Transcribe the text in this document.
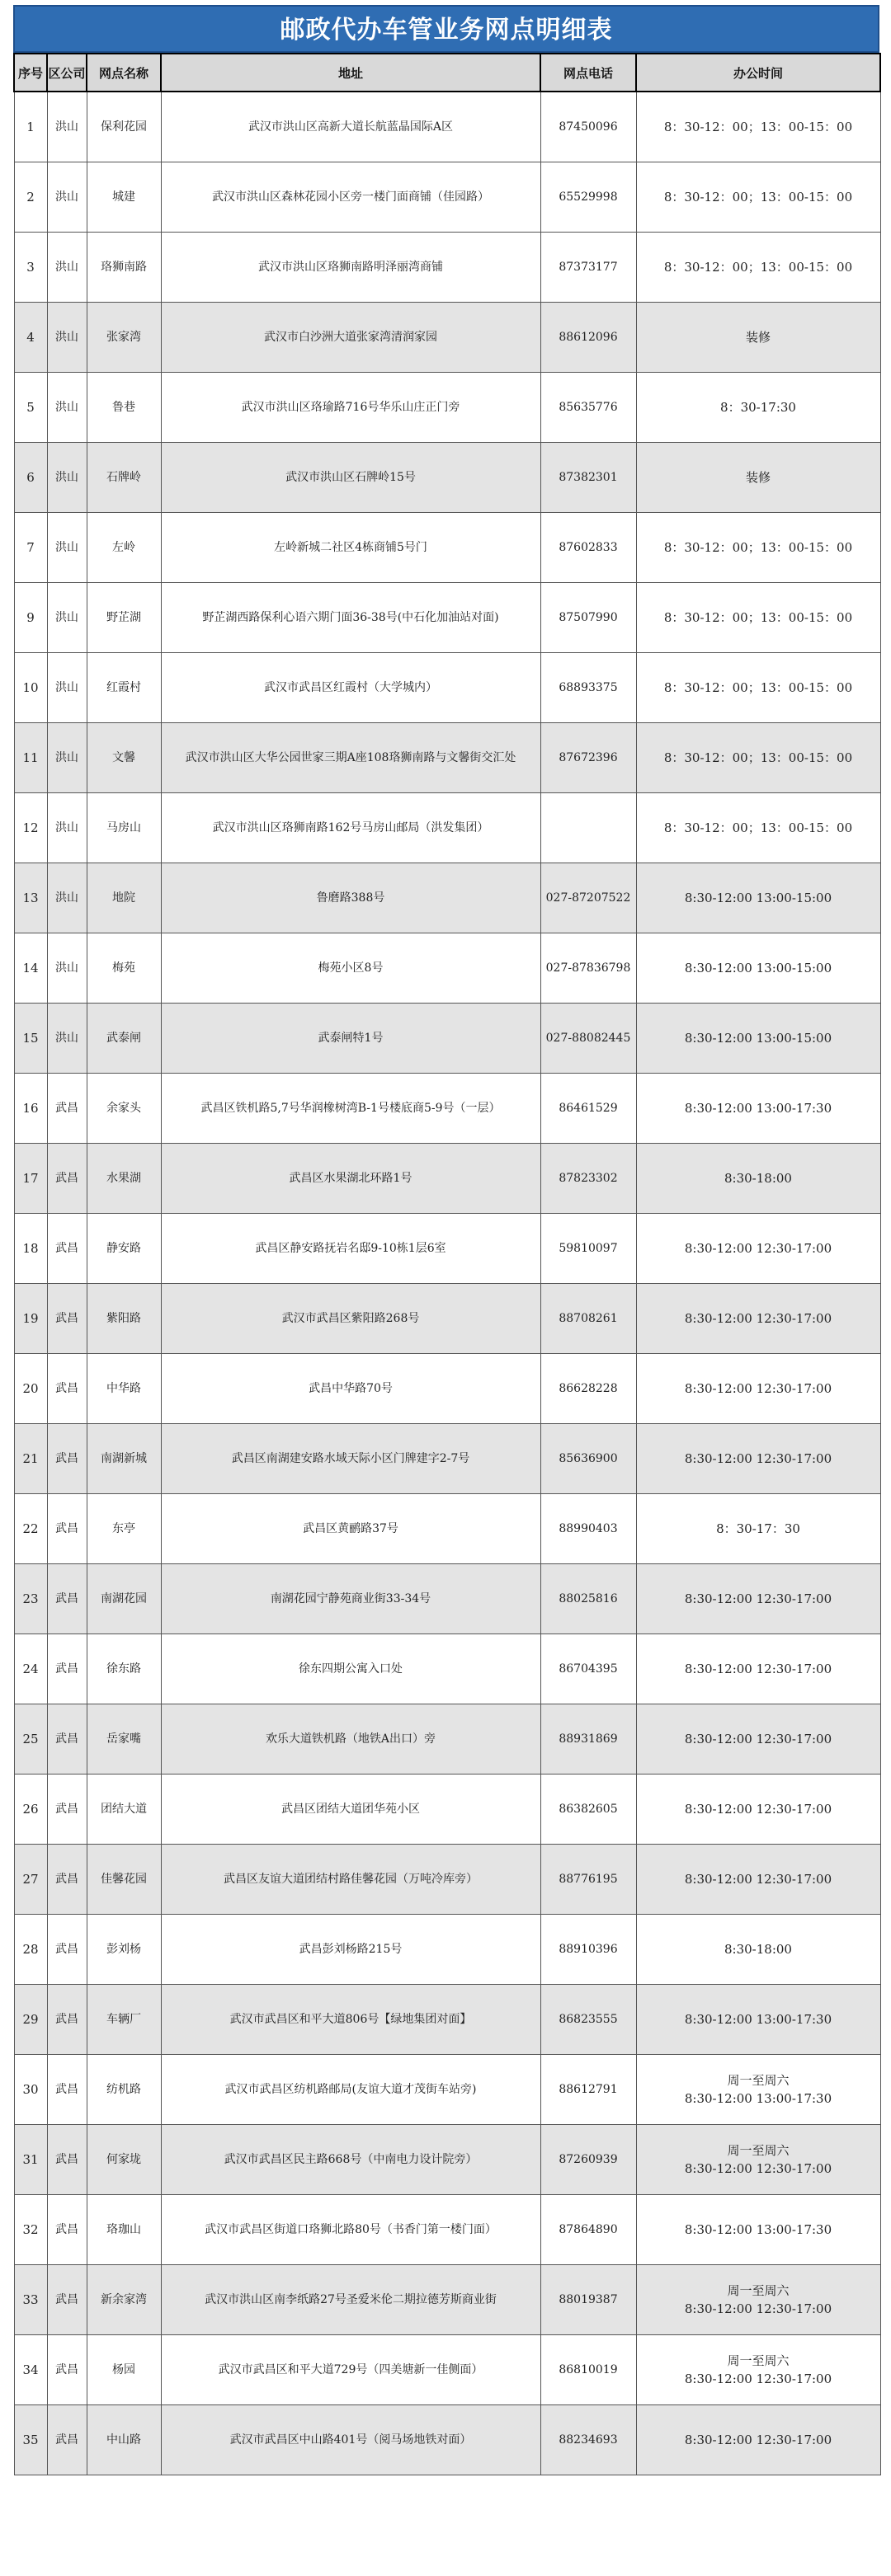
邮政代办车管业务网点明细表
序号	区公司	网点名称	地址	网点电话	办公时间
1	洪山	保利花园	武汉市洪山区高新大道长航蓝晶国际A区	87450096	8：30-12：00；13：00-15：00
2	洪山	城建	武汉市洪山区森林花园小区旁一楼门面商铺（佳园路）	65529998	8：30-12：00；13：00-15：00
3	洪山	珞狮南路	武汉市洪山区珞狮南路明泽丽湾商铺	87373177	8：30-12：00；13：00-15：00
4	洪山	张家湾	武汉市白沙洲大道张家湾清润家园	88612096	装修
5	洪山	鲁巷	武汉市洪山区珞瑜路716号华乐山庄正门旁	85635776	8：30-17:30
6	洪山	石牌岭	武汉市洪山区石牌岭15号	87382301	装修
7	洪山	左岭	左岭新城二社区4栋商铺5号门	87602833	8：30-12：00；13：00-15：00
9	洪山	野芷湖	野芷湖西路保利心语六期门面36-38号(中石化加油站对面)	87507990	8：30-12：00；13：00-15：00
10	洪山	红霞村	武汉市武昌区红霞村（大学城内）	68893375	8：30-12：00；13：00-15：00
11	洪山	文馨	武汉市洪山区大华公园世家三期A座108珞狮南路与文馨街交汇处	87672396	8：30-12：00；13：00-15：00
12	洪山	马房山	武汉市洪山区珞狮南路162号马房山邮局（洪发集团）		8：30-12：00；13：00-15：00
13	洪山	地院	鲁磨路388号	027-87207522	8:30-12:00 13:00-15:00
14	洪山	梅苑	梅苑小区8号	027-87836798	8:30-12:00 13:00-15:00
15	洪山	武泰闸	武泰闸特1号	027-88082445	8:30-12:00 13:00-15:00
16	武昌	余家头	武昌区铁机路5,7号华润橡树湾B-1号楼底商5-9号（一层）	86461529	8:30-12:00 13:00-17:30
17	武昌	水果湖	武昌区水果湖北环路1号	87823302	8:30-18:00
18	武昌	静安路	武昌区静安路抚岩名邸9-10栋1层6室	59810097	8:30-12:00 12:30-17:00
19	武昌	紫阳路	武汉市武昌区紫阳路268号	88708261	8:30-12:00 12:30-17:00
20	武昌	中华路	武昌中华路70号	86628228	8:30-12:00 12:30-17:00
21	武昌	南湖新城	武昌区南湖建安路水域天际小区门牌建字2-7号	85636900	8:30-12:00 12:30-17:00
22	武昌	东亭	武昌区黄鹂路37号	88990403	8：30-17：30
23	武昌	南湖花园	南湖花园宁静苑商业街33-34号	88025816	8:30-12:00 12:30-17:00
24	武昌	徐东路	徐东四期公寓入口处	86704395	8:30-12:00 12:30-17:00
25	武昌	岳家嘴	欢乐大道铁机路（地铁A出口）旁	88931869	8:30-12:00 12:30-17:00
26	武昌	团结大道	武昌区团结大道团华苑小区	86382605	8:30-12:00 12:30-17:00
27	武昌	佳馨花园	武昌区友谊大道团结村路佳馨花园（万吨冷库旁）	88776195	8:30-12:00 12:30-17:00
28	武昌	彭刘杨	武昌彭刘杨路215号	88910396	8:30-18:00
29	武昌	车辆厂	武汉市武昌区和平大道806号【绿地集团对面】	86823555	8:30-12:00 13:00-17:30
30	武昌	纺机路	武汉市武昌区纺机路邮局(友谊大道才茂街车站旁)	88612791	周一至周六
8:30-12:00 13:00-17:30
31	武昌	何家垅	武汉市武昌区民主路668号（中南电力设计院旁）	87260939	周一至周六
8:30-12:00 12:30-17:00
32	武昌	珞珈山	武汉市武昌区街道口珞狮北路80号（书香门第一楼门面）	87864890	8:30-12:00 13:00-17:30
33	武昌	新余家湾	武汉市洪山区南李纸路27号圣爱米伦二期拉德芳斯商业街	88019387	周一至周六
8:30-12:00 12:30-17:00
34	武昌	杨园	武汉市武昌区和平大道729号（四美塘新一佳侧面）	86810019	周一至周六
8:30-12:00 12:30-17:00
35	武昌	中山路	武汉市武昌区中山路401号（阅马场地铁对面）	88234693	8:30-12:00 12:30-17:00
